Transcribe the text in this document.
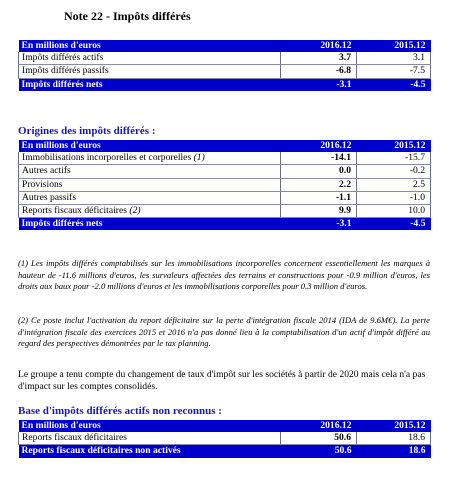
Note 22 - Impôts différés
En millions d'euros	2016.12	2015.12
Impôts différés actifs	3.7	3.1
Impôts différés passifs	-6.8	-7.5
Impôts différés nets	-3.1	-4.5
Origines des impôts différés :
En millions d'euros	2016.12	2015.12
Immobilisations incorporelles et corporelles (1)	-14.1	-15.7
Autres actifs	0.0	-0.2
Provisions	2.2	2.5
Autres passifs	-1.1	-1.0
Reports fiscaux déficitaires (2)	9.9	10.0
Impôts différés nets	-3.1	-4.5

(1) Les impôts différés comptabilisés sur les immobilisations incorporelles concernent essentiellement les marques à hauteur de -11.6 millions d'euros, les survaleurs affectées des terrains et constructions pour -0.9 million d'euros, les droits aux baux pour -2.0 millions d'euros et les immobilisations corporelles pour 0.3 million d'euros.

(2) Ce poste inclut l'activation du report déficitaire sur la perte d'intégration fiscale 2014 (IDA de 9.6M€). La perte d'intégration fiscale des exercices 2015 et 2016 n'a pas donné lieu à la comptabilisation d'un actif d'impôt différé au regard des perspectives démontrées par le tax planning.

Le groupe a tenu compte du changement de taux d'impôt sur les sociétés à partir de 2020 mais cela n'a pas d'impact sur les comptes consolidés.

Base d'impôts différés actifs non reconnus :
En millions d'euros	2016.12	2015.12
Reports fiscaux déficitaires	50.6	18.6
Reports fiscaux déficitaires non activés	50.6	18.6
